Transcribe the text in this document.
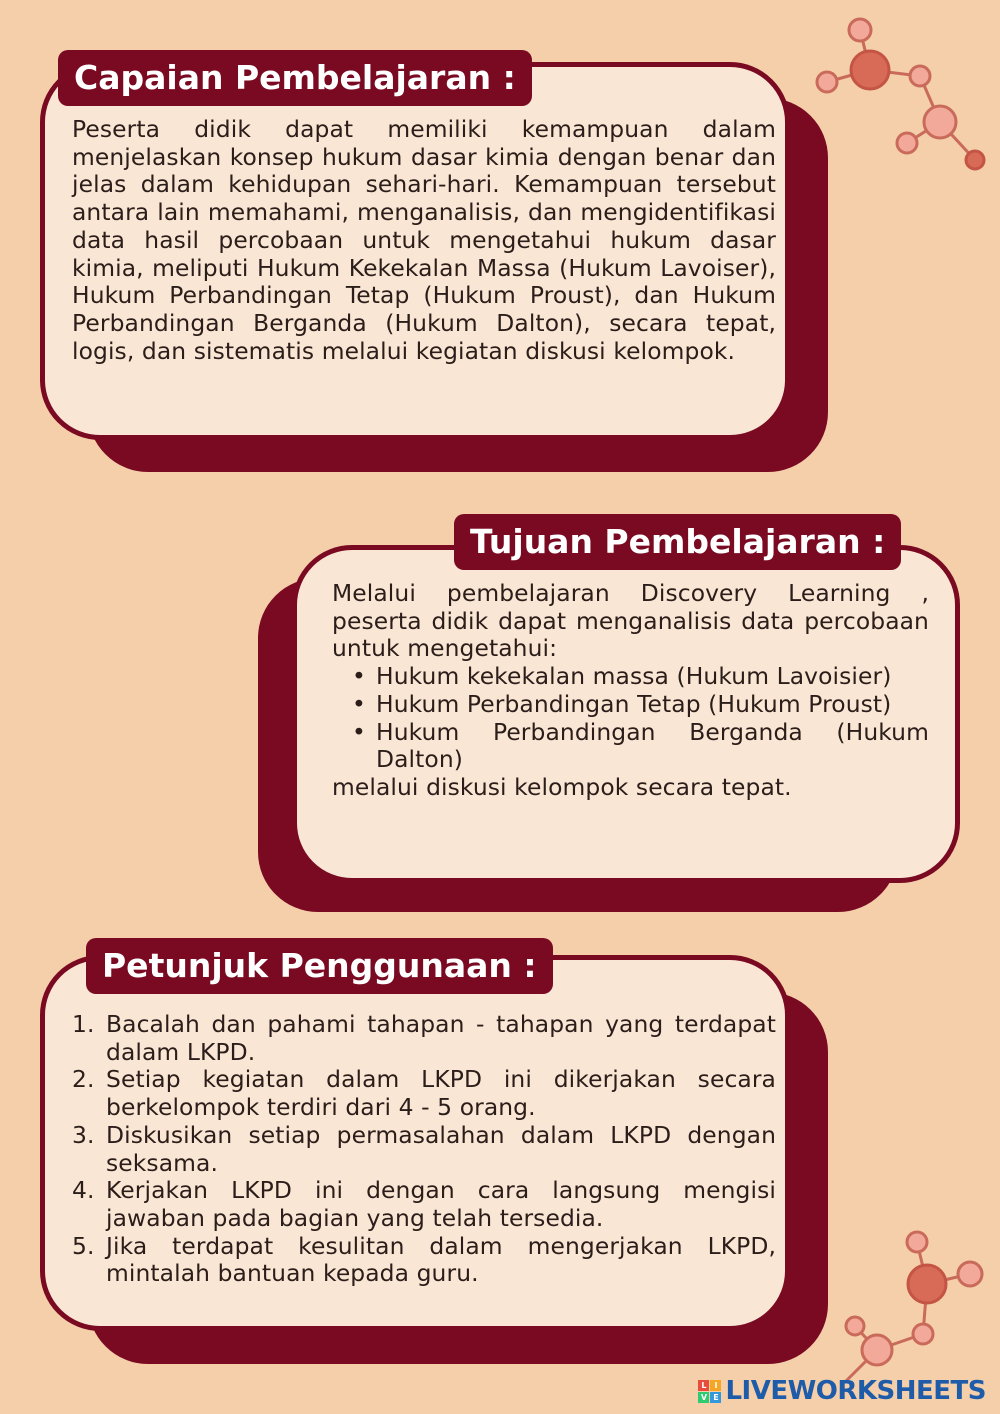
Capaian Pembelajaran :

Peserta didik dapat memiliki kemampuan dalam menjelaskan konsep hukum dasar kimia dengan benar dan jelas dalam kehidupan sehari-hari. Kemampuan tersebut antara lain memahami, menganalisis, dan mengidentifikasi data hasil percobaan untuk mengetahui hukum dasar kimia, meliputi Hukum Kekekalan Massa (Hukum Lavoiser), Hukum Perbandingan Tetap (Hukum Proust), dan Hukum Perbandingan Berganda (Hukum Dalton), secara tepat, logis, dan sistematis melalui kegiatan diskusi kelompok.

Tujuan Pembelajaran :

Melalui pembelajaran Discovery Learning , peserta didik dapat menganalisis data percobaan untuk mengetahui:

• Hukum kekekalan massa (Hukum Lavoisier)
• Hukum Perbandingan Tetap (Hukum Proust)
• Hukum Perbandingan Berganda (Hukum Dalton)

melalui diskusi kelompok secara tepat.

Petunjuk Penggunaan :
1. Bacalah dan pahami tahapan - tahapan yang terdapat dalam LKPD.
2. Setiap kegiatan dalam LKPD ini dikerjakan secara berkelompok terdiri dari 4 - 5 orang.
3. Diskusikan setiap permasalahan dalam LKPD dengan seksama.
4. Kerjakan LKPD ini dengan cara langsung mengisi jawaban pada bagian yang telah tersedia.
5. Jika terdapat kesulitan dalam mengerjakan LKPD, mintalah bantuan kepada guru.
L I
V E LIVEWORKSHEETS
